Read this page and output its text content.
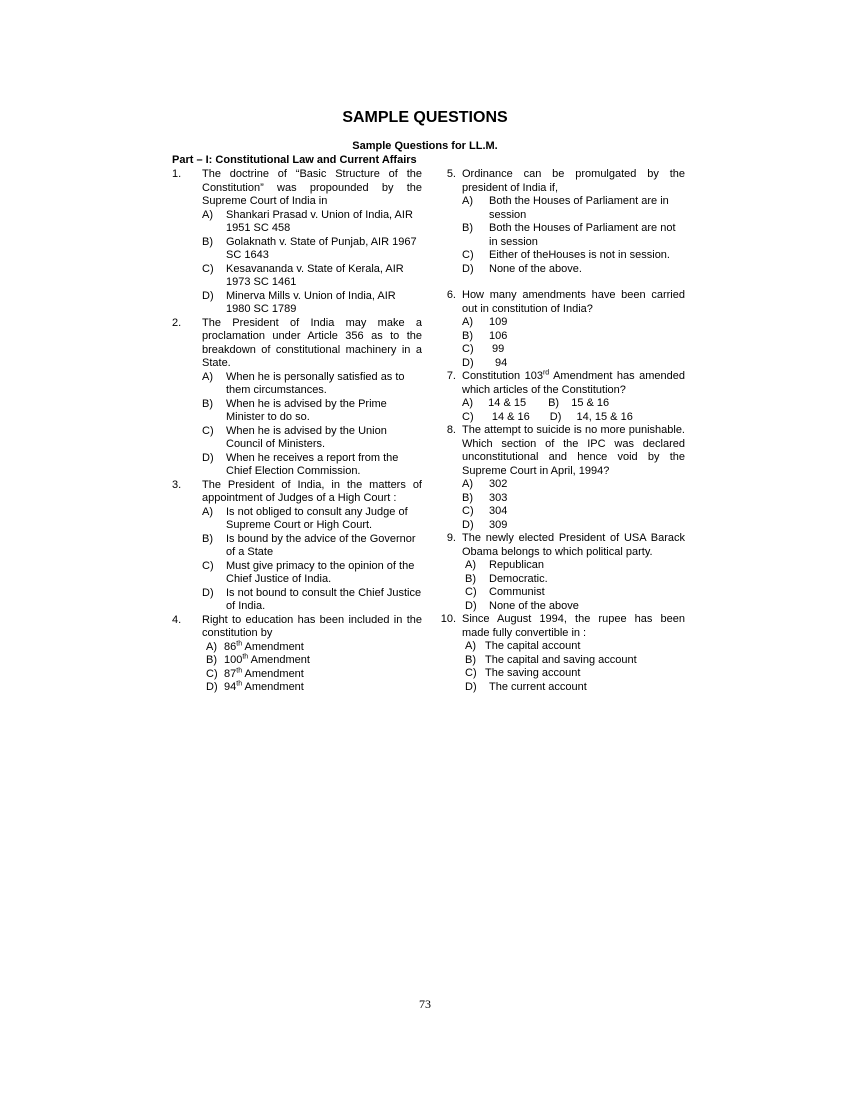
SAMPLE QUESTIONS
Sample Questions for LL.M.
Part – I: Constitutional Law and Current Affairs
1. The doctrine of “Basic Structure of the Constitution” was propounded by the Supreme Court of India in
A) Shankari Prasad v. Union of India, AIR 1951 SC 458
B) Golaknath v. State of Punjab, AIR 1967 SC 1643
C) Kesavananda v. State of Kerala, AIR 1973 SC 1461
D) Minerva Mills v. Union of India, AIR 1980 SC 1789
2. The President of India may make a proclamation under Article 356 as to the breakdown of constitutional machinery in a State.
A) When he is personally satisfied as to them circumstances.
B) When he is advised by the Prime Minister to do so.
C) When he is advised by the Union Council of Ministers.
D) When he receives a report from the Chief Election Commission.
3. The President of India, in the matters of appointment of Judges of a High Court :
A) Is not obliged to consult any Judge of Supreme Court or High Court.
B) Is bound by the advice of the Governor of a State
C) Must give primacy to the opinion of the Chief Justice of India.
D) Is not bound to consult the Chief Justice of India.
4. Right to education has been included in the constitution by
A) 86th Amendment
B) 100th Amendment
C) 87th Amendment
D) 94th Amendment
5. Ordinance can be promulgated by the president of India if,
A) Both the Houses of Parliament are in session
B) Both the Houses of Parliament are not in session
C) Either of theHouses is not in session.
D) None of the above.
6. How many amendments have been carried out in constitution of India?
A) 109
B) 106
C) 99
D) 94
7. Constitution 103rd Amendment has amended which articles of the Constitution?
A) 14 & 15	B) 15 & 16
C) 14 & 16	D) 14, 15 & 16
8. The attempt to suicide is no more punishable. Which section of the IPC was declared unconstitutional and hence void by the Supreme Court in April, 1994?
A) 302
B) 303
C) 304
D) 309
9. The newly elected President of USA Barack Obama belongs to which political party.
A) Republican
B) Democratic.
C) Communist
D) None of the above
10. Since August 1994, the rupee has been made fully convertible in :
A) The capital account
B) The capital and saving account
C) The saving account
D) The current account
73
